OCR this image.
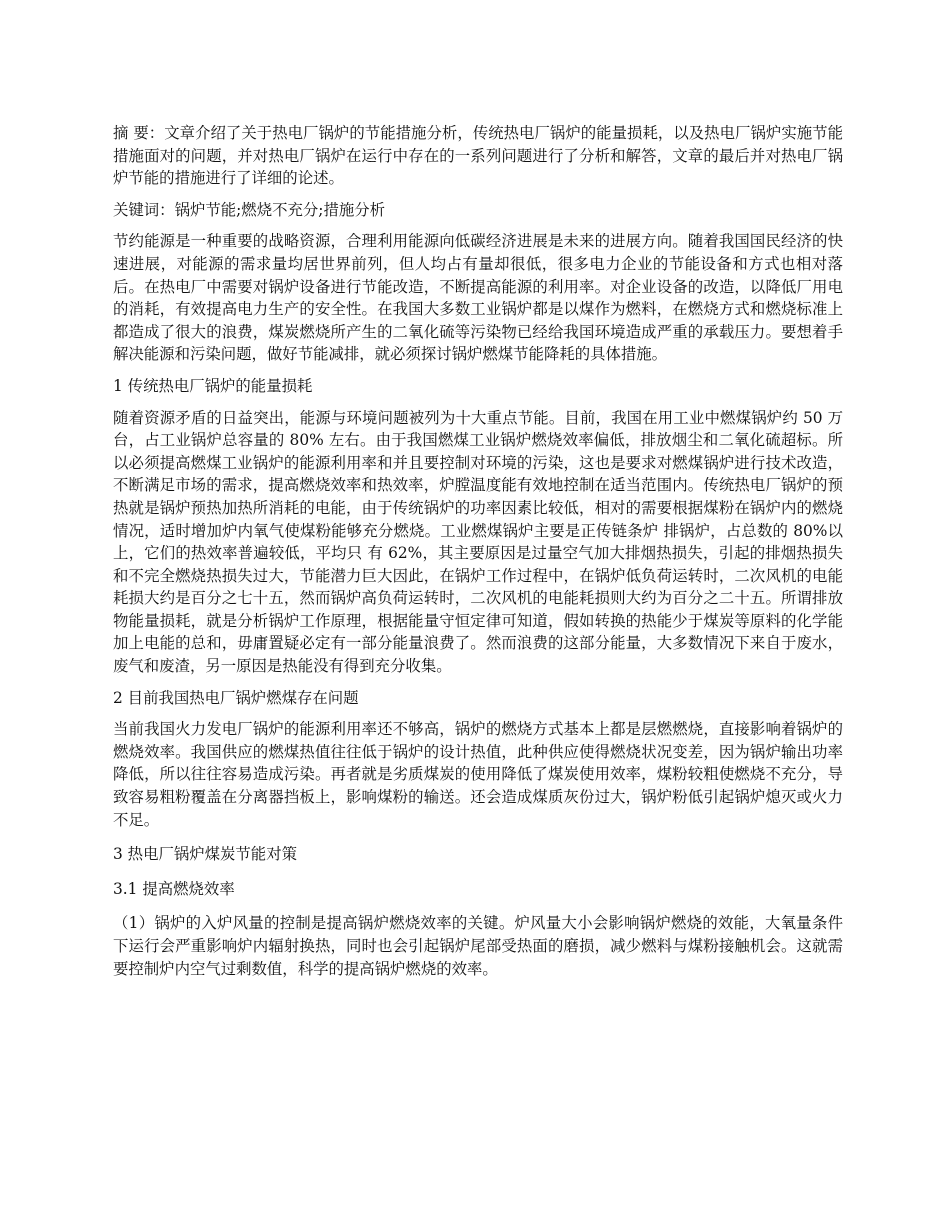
摘 要：文章介绍了关于热电厂锅炉的节能措施分析，传统热电厂锅炉的能量损耗，以及热电厂锅炉实施节能措施面对的问题，并对热电厂锅炉在运行中存在的一系列问题进行了分析和解答，文章的最后并对热电厂锅炉节能的措施进行了详细的论述。

关键词：锅炉节能;燃烧不充分;措施分析

节约能源是一种重要的战略资源，合理利用能源向低碳经济进展是未来的进展方向。随着我国国民经济的快速进展，对能源的需求量均居世界前列，但人均占有量却很低，很多电力企业的节能设备和方式也相对落后。在热电厂中需要对锅炉设备进行节能改造，不断提高能源的利用率。对企业设备的改造，以降低厂用电的消耗，有效提高电力生产的安全性。在我国大多数工业锅炉都是以煤作为燃料，在燃烧方式和燃烧标准上都造成了很大的浪费，煤炭燃烧所产生的二氧化硫等污染物已经给我国环境造成严重的承载压力。要想着手解决能源和污染问题，做好节能减排，就必须探讨锅炉燃煤节能降耗的具体措施。

1 传统热电厂锅炉的能量损耗

随着资源矛盾的日益突出，能源与环境问题被列为十大重点节能。目前，我国在用工业中燃煤锅炉约 50 万台，占工业锅炉总容量的 80% 左右。由于我国燃煤工业锅炉燃烧效率偏低，排放烟尘和二氧化硫超标。所以必须提高燃煤工业锅炉的能源利用率和并且要控制对环境的污染，这也是要求对燃煤锅炉进行技术改造，不断满足市场的需求，提高燃烧效率和热效率，炉膛温度能有效地控制在适当范围内。传统热电厂锅炉的预热就是锅炉预热加热所消耗的电能，由于传统锅炉的功率因素比较低，相对的需要根据煤粉在锅炉内的燃烧情况，适时增加炉内氧气使煤粉能够充分燃烧。工业燃煤锅炉主要是正传链条炉 排锅炉，占总数的 80%以上，它们的热效率普遍较低，平均只 有 62%，其主要原因是过量空气加大排烟热损失，引起的排烟热损失和不完全燃烧热损失过大，节能潜力巨大因此，在锅炉工作过程中，在锅炉低负荷运转时，二次风机的电能耗损大约是百分之七十五，然而锅炉高负荷运转时，二次风机的电能耗损则大约为百分之二十五。所谓排放物能量损耗，就是分析锅炉工作原理，根据能量守恒定律可知道，假如转换的热能少于煤炭等原料的化学能加上电能的总和，毋庸置疑必定有一部分能量浪费了。然而浪费的这部分能量，大多数情况下来自于废水，废气和废渣，另一原因是热能没有得到充分收集。

2 目前我国热电厂锅炉燃煤存在问题

当前我国火力发电厂锅炉的能源利用率还不够高，锅炉的燃烧方式基本上都是层燃燃烧，直接影响着锅炉的燃烧效率。我国供应的燃煤热值往往低于锅炉的设计热值，此种供应使得燃烧状况变差，因为锅炉输出功率降低，所以往往容易造成污染。再者就是劣质煤炭的使用降低了煤炭使用效率，煤粉较粗使燃烧不充分，导致容易粗粉覆盖在分离器挡板上，影响煤粉的输送。还会造成煤质灰份过大，锅炉粉低引起锅炉熄灭或火力不足。

3 热电厂锅炉煤炭节能对策

3.1 提高燃烧效率

（1）锅炉的入炉风量的控制是提高锅炉燃烧效率的关键。炉风量大小会影响锅炉燃烧的效能，大氧量条件下运行会严重影响炉内辐射换热，同时也会引起锅炉尾部受热面的磨损，减少燃料与煤粉接触机会。这就需要控制炉内空气过剩数值，科学的提高锅炉燃烧的效率。
